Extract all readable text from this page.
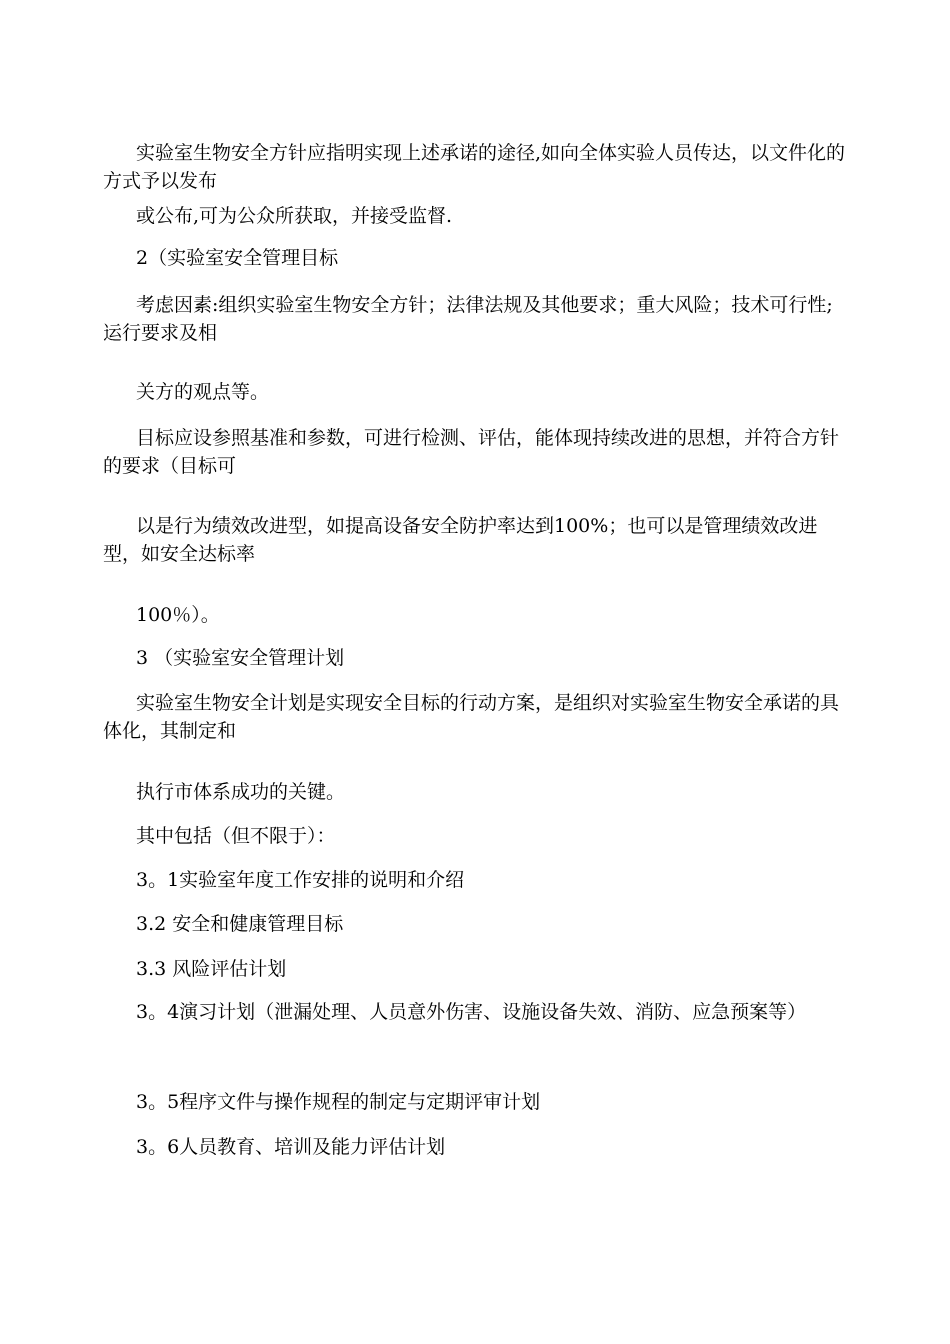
实验室生物安全方针应指明实现上述承诺的途径,如向全体实验人员传达，以文件化的方式予以发布

或公布,可为公众所获取，并接受监督.

2（实验室安全管理目标

考虑因素:组织实验室生物安全方针；法律法规及其他要求；重大风险；技术可行性;运行要求及相

关方的观点等。

目标应设参照基准和参数，可进行检测、评估，能体现持续改进的思想，并符合方针的要求（目标可

以是行为绩效改进型，如提高设备安全防护率达到100%；也可以是管理绩效改进型，如安全达标率

100％）。

3 （实验室安全管理计划

实验室生物安全计划是实现安全目标的行动方案，是组织对实验室生物安全承诺的具体化，其制定和

执行市体系成功的关键。

其中包括（但不限于）：

3。1实验室年度工作安排的说明和介绍

3.2 安全和健康管理目标

3.3 风险评估计划

3。4演习计划（泄漏处理、人员意外伤害、设施设备失效、消防、应急预案等）

3。5程序文件与操作规程的制定与定期评审计划

3。6人员教育、培训及能力评估计划
